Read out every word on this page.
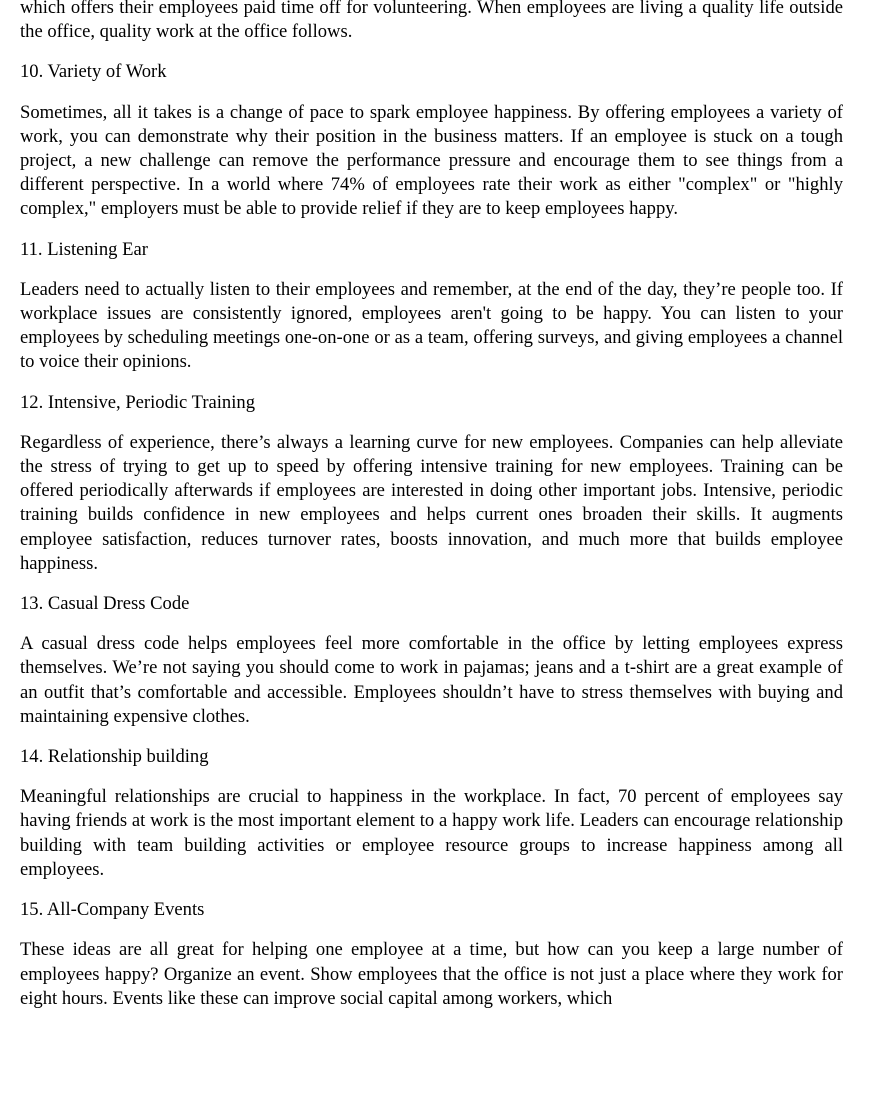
which offers their employees paid time off for volunteering. When employees are living a quality life outside the office, quality work at the office follows.

10. Variety of Work

Sometimes, all it takes is a change of pace to spark employee happiness. By offering employees a variety of work, you can demonstrate why their position in the business matters. If an employee is stuck on a tough project, a new challenge can remove the performance pressure and encourage them to see things from a different perspective. In a world where 74% of employees rate their work as either "complex" or "highly complex," employers must be able to provide relief if they are to keep employees happy.

11. Listening Ear

Leaders need to actually listen to their employees and remember, at the end of the day, they’re people too. If workplace issues are consistently ignored, employees aren't going to be happy. You can listen to your employees by scheduling meetings one-on-one or as a team, offering surveys, and giving employees a channel to voice their opinions.

12. Intensive, Periodic Training

Regardless of experience, there’s always a learning curve for new employees. Companies can help alleviate the stress of trying to get up to speed by offering intensive training for new employees. Training can be offered periodically afterwards if employees are interested in doing other important jobs. Intensive, periodic training builds confidence in new employees and helps current ones broaden their skills. It augments employee satisfaction, reduces turnover rates, boosts innovation, and much more that builds employee happiness.

13. Casual Dress Code

A casual dress code helps employees feel more comfortable in the office by letting employees express themselves. We’re not saying you should come to work in pajamas; jeans and a t-shirt are a great example of an outfit that’s comfortable and accessible. Employees shouldn’t have to stress themselves with buying and maintaining expensive clothes.

14. Relationship building

Meaningful relationships are crucial to happiness in the workplace. In fact, 70 percent of employees say having friends at work is the most important element to a happy work life. Leaders can encourage relationship building with team building activities or employee resource groups to increase happiness among all employees.

15. All-Company Events

These ideas are all great for helping one employee at a time, but how can you keep a large number of employees happy? Organize an event. Show employees that the office is not just a place where they work for eight hours. Events like these can improve social capital among workers, which
